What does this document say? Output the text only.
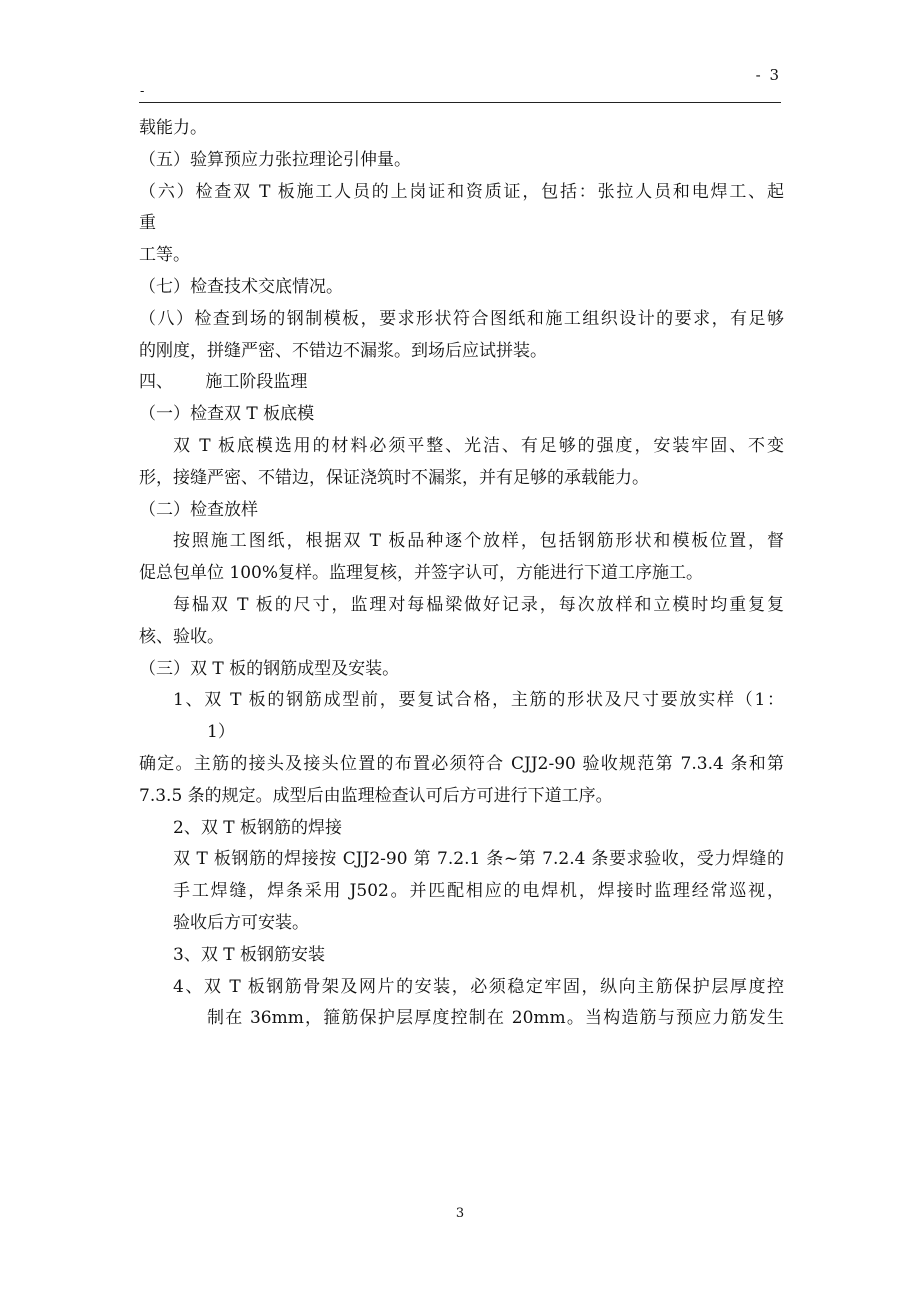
- 3
-
载能力。
（五）验算预应力张拉理论引伸量。
（六）检查双 T 板施工人员的上岗证和资质证，包括：张拉人员和电焊工、起
重
工等。
（七）检查技术交底情况。
（八）检查到场的钢制模板，要求形状符合图纸和施工组织设计的要求，有足够
的刚度，拼缝严密、不错边不漏浆。到场后应试拼装。
四、      施工阶段监理
（一）检查双 T 板底模
双 T 板底模选用的材料必须平整、光洁、有足够的强度，安装牢固、不变
形，接缝严密、不错边，保证浇筑时不漏浆，并有足够的承载能力。
（二）检查放样
按照施工图纸，根据双 T 板品种逐个放样，包括钢筋形状和模板位置，督
促总包单位 100%复样。监理复核，并签字认可，方能进行下道工序施工。
每榀双 T 板的尺寸，监理对每榀梁做好记录，每次放样和立模时均重复复
核、验收。
（三）双 T 板的钢筋成型及安装。
1、双 T 板的钢筋成型前，要复试合格，主筋的形状及尺寸要放实样（1：
1）
确定。主筋的接头及接头位置的布置必须符合 CJJ2-90 验收规范第 7.3.4 条和第
7.3.5 条的规定。成型后由监理检查认可后方可进行下道工序。
2、双 T 板钢筋的焊接
双 T 板钢筋的焊接按 CJJ2-90 第 7.2.1 条~第 7.2.4 条要求验收，受力焊缝的
手工焊缝，焊条采用 J502。并匹配相应的电焊机，焊接时监理经常巡视，
验收后方可安装。
3、双 T 板钢筋安装
4、双 T 板钢筋骨架及网片的安装，必须稳定牢固，纵向主筋保护层厚度控
制在 36mm，箍筋保护层厚度控制在 20mm。当构造筋与预应力筋发生
3
